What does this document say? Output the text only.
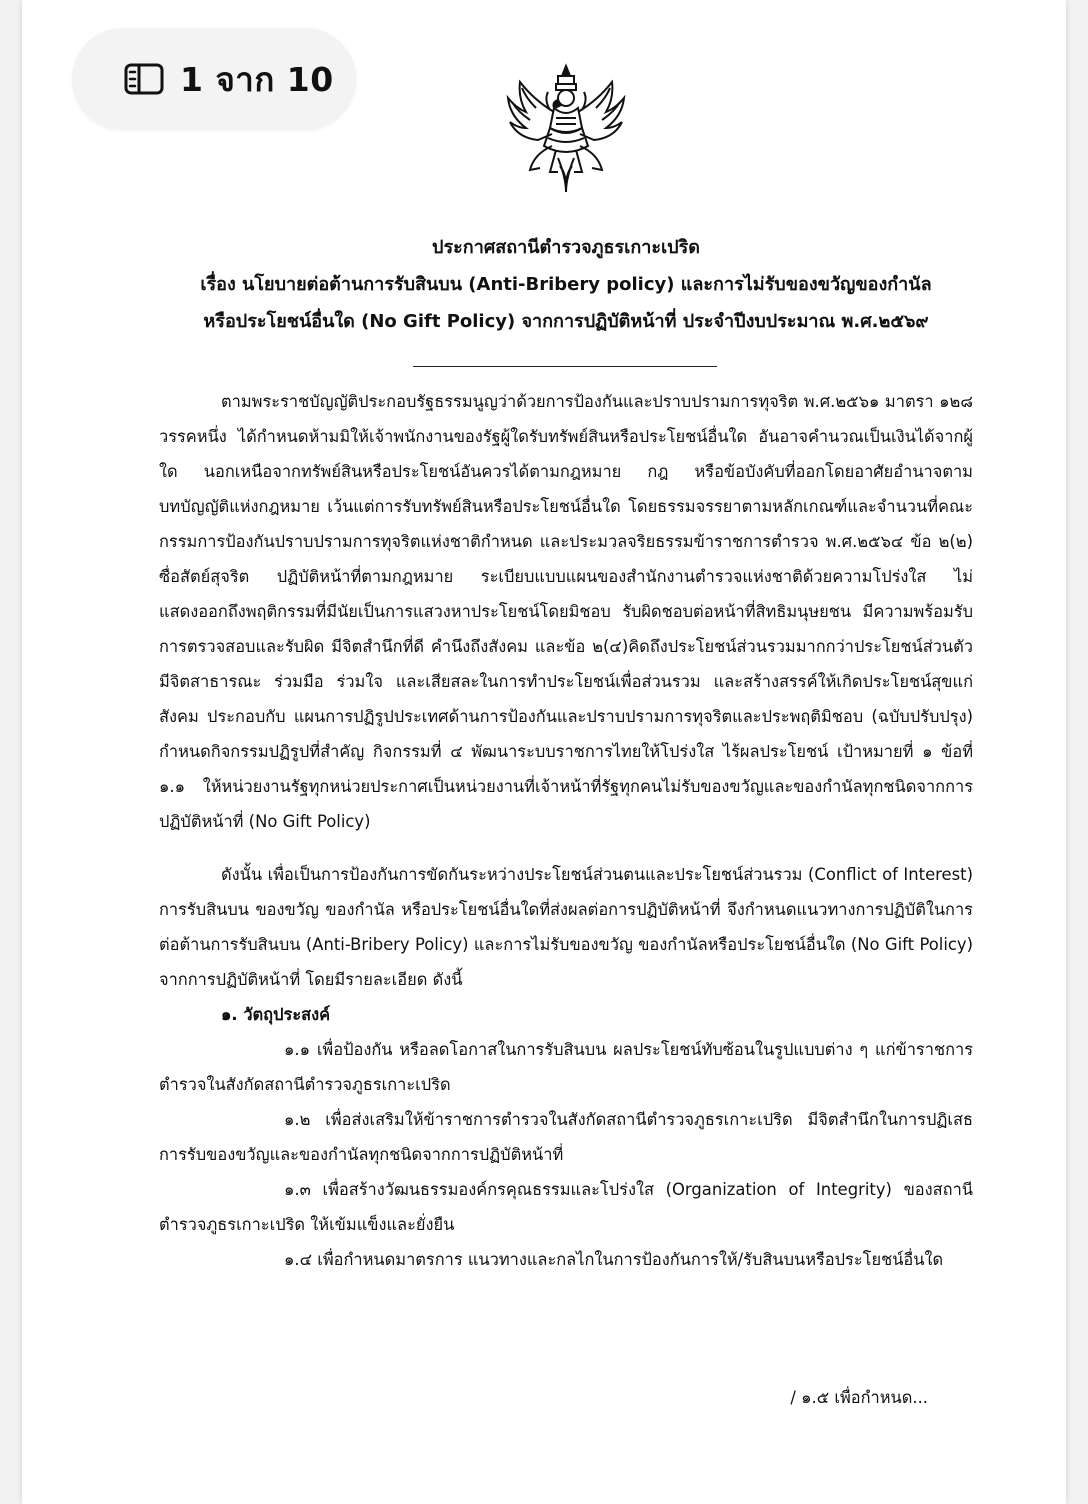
1 จาก 10
ประกาศสถานีตำรวจภูธรเกาะเปริด
เรื่อง นโยบายต่อต้านการรับสินบน (Anti-Bribery policy) และการไม่รับของขวัญของกำนัล
หรือประโยชน์อื่นใด (No Gift Policy) จากการปฏิบัติหน้าที่ ประจำปีงบประมาณ พ.ศ.๒๕๖๙

ตามพระราชบัญญัติประกอบรัฐธรรมนูญว่าด้วยการป้องกันและปราบปรามการทุจริต พ.ศ.๒๕๖๑ มาตรา ๑๒๘ วรรคหนึ่ง ได้กำหนดห้ามมิให้เจ้าพนักงานของรัฐผู้ใดรับทรัพย์สินหรือประโยชน์อื่นใด อันอาจคำนวณเป็นเงินได้จากผู้ใด นอกเหนือจากทรัพย์สินหรือประโยชน์อันควรได้ตามกฎหมาย กฎ หรือข้อบังคับที่ออกโดยอาศัยอำนาจตามบทบัญญัติแห่งกฎหมาย เว้นแต่การรับทรัพย์สินหรือประโยชน์อื่นใด โดยธรรมจรรยาตามหลักเกณฑ์และจำนวนที่คณะกรรมการป้องกันปราบปรามการทุจริตแห่งชาติกำหนด และประมวลจริยธรรมข้าราชการตำรวจ พ.ศ.๒๕๖๔ ข้อ ๒(๒) ซื่อสัตย์สุจริต ปฏิบัติหน้าที่ตามกฎหมาย ระเบียบแบบแผนของสำนักงานตำรวจแห่งชาติด้วยความโปร่งใส ไม่แสดงออกถึงพฤติกรรมที่มีนัยเป็นการแสวงหาประโยชน์โดยมิชอบ รับผิดชอบต่อหน้าที่สิทธิมนุษยชน มีความพร้อมรับการตรวจสอบและรับผิด มีจิตสำนึกที่ดี คำนึงถึงสังคม และข้อ ๒(๔)คิดถึงประโยชน์ส่วนรวมมากกว่าประโยชน์ส่วนตัว มีจิตสาธารณะ ร่วมมือ ร่วมใจ และเสียสละในการทำประโยชน์เพื่อส่วนรวม และสร้างสรรค์ให้เกิดประโยชน์สุขแก่สังคม ประกอบกับ แผนการปฏิรูปประเทศด้านการป้องกันและปราบปรามการทุจริตและประพฤติมิชอบ (ฉบับปรับปรุง) กำหนดกิจกรรมปฏิรูปที่สำคัญ กิจกรรมที่ ๔ พัฒนาระบบราชการไทยให้โปร่งใส ไร้ผลประโยชน์ เป้าหมายที่ ๑ ข้อที่ ๑.๑ ให้หน่วยงานรัฐทุกหน่วยประกาศเป็นหน่วยงานที่เจ้าหน้าที่รัฐทุกคนไม่รับของขวัญและของกำนัลทุกชนิดจากการปฏิบัติหน้าที่ (No Gift Policy)

ดังนั้น เพื่อเป็นการป้องกันการขัดกันระหว่างประโยชน์ส่วนตนและประโยชน์ส่วนรวม (Conflict of Interest) การรับสินบน ของขวัญ ของกำนัล หรือประโยชน์อื่นใดที่ส่งผลต่อการปฏิบัติหน้าที่ จึงกำหนดแนวทางการปฏิบัติในการต่อต้านการรับสินบน (Anti-Bribery Policy) และการไม่รับของขวัญ ของกำนัลหรือประโยชน์อื่นใด (No Gift Policy) จากการปฏิบัติหน้าที่ โดยมีรายละเอียด ดังนี้

๑. วัตถุประสงค์

๑.๑ เพื่อป้องกัน หรือลดโอกาสในการรับสินบน ผลประโยชน์ทับซ้อนในรูปแบบต่าง ๆ แก่ข้าราชการตำรวจในสังกัดสถานีตำรวจภูธรเกาะเปริด

๑.๒ เพื่อส่งเสริมให้ข้าราชการตำรวจในสังกัดสถานีตำรวจภูธรเกาะเปริด มีจิตสำนึกในการปฏิเสธการรับของขวัญและของกำนัลทุกชนิดจากการปฏิบัติหน้าที่

๑.๓ เพื่อสร้างวัฒนธรรมองค์กรคุณธรรมและโปร่งใส (Organization of Integrity) ของสถานีตำรวจภูธรเกาะเปริด ให้เข้มแข็งและยั่งยืน

๑.๔ เพื่อกำหนดมาตรการ แนวทางและกลไกในการป้องกันการให้/รับสินบนหรือประโยชน์อื่นใด

/ ๑.๕ เพื่อกำหนด...
